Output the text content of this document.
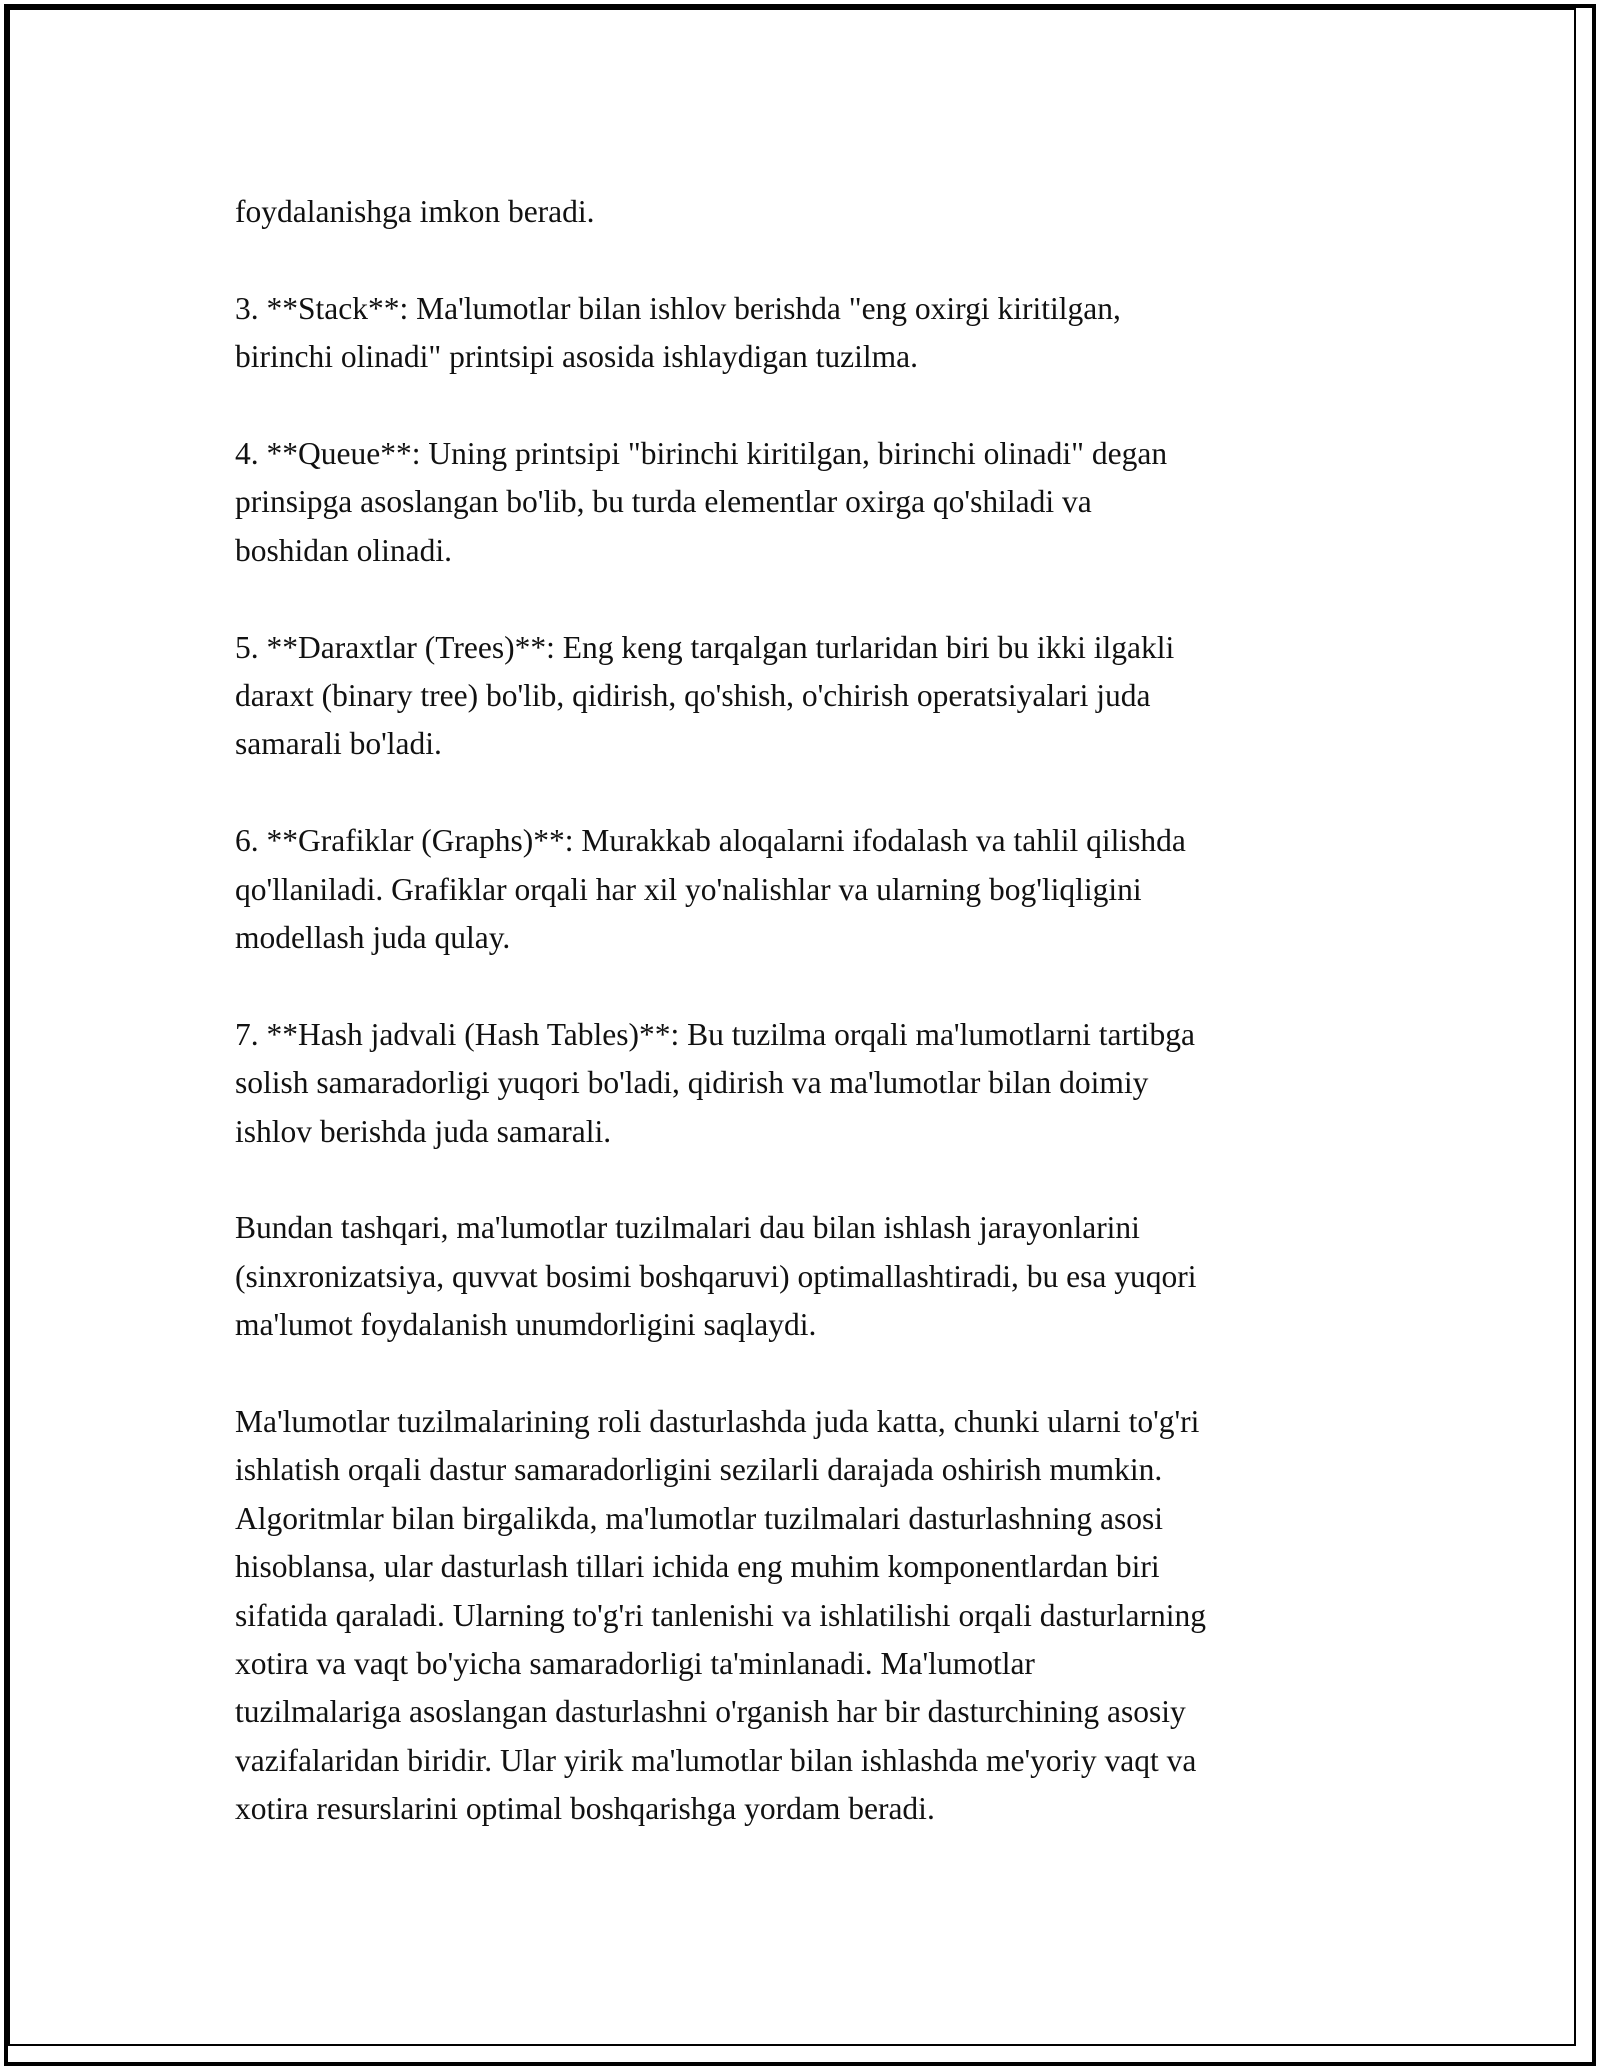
foydalanishga imkon beradi.

3. **Stack**: Ma'lumotlar bilan ishlov berishda "eng oxirgi kiritilgan,
birinchi olinadi" printsipi asosida ishlaydigan tuzilma.

4. **Queue**: Uning printsipi "birinchi kiritilgan, birinchi olinadi" degan
prinsipga asoslangan bo'lib, bu turda elementlar oxirga qo'shiladi va
boshidan olinadi.

5. **Daraxtlar (Trees)**: Eng keng tarqalgan turlaridan biri bu ikki ilgakli
daraxt (binary tree) bo'lib, qidirish, qo'shish, o'chirish operatsiyalari juda
samarali bo'ladi.

6. **Grafiklar (Graphs)**: Murakkab aloqalarni ifodalash va tahlil qilishda
qo'llaniladi. Grafiklar orqali har xil yo'nalishlar va ularning bog'liqligini
modellash juda qulay.

7. **Hash jadvali (Hash Tables)**: Bu tuzilma orqali ma'lumotlarni tartibga
solish samaradorligi yuqori bo'ladi, qidirish va ma'lumotlar bilan doimiy
ishlov berishda juda samarali.

Bundan tashqari, ma'lumotlar tuzilmalari dau bilan ishlash jarayonlarini
(sinxronizatsiya, quvvat bosimi boshqaruvi) optimallashtiradi, bu esa yuqori
ma'lumot foydalanish unumdorligini saqlaydi.

Ma'lumotlar tuzilmalarining roli dasturlashda juda katta, chunki ularni to'g'ri
ishlatish orqali dastur samaradorligini sezilarli darajada oshirish mumkin.
Algoritmlar bilan birgalikda, ma'lumotlar tuzilmalari dasturlashning asosi
hisoblansa, ular dasturlash tillari ichida eng muhim komponentlardan biri
sifatida qaraladi. Ularning to'g'ri tanlenishi va ishlatilishi orqali dasturlarning
xotira va vaqt bo'yicha samaradorligi ta'minlanadi. Ma'lumotlar
tuzilmalariga asoslangan dasturlashni o'rganish har bir dasturchining asosiy
vazifalaridan biridir. Ular yirik ma'lumotlar bilan ishlashda me'yoriy vaqt va
xotira resurslarini optimal boshqarishga yordam beradi.
